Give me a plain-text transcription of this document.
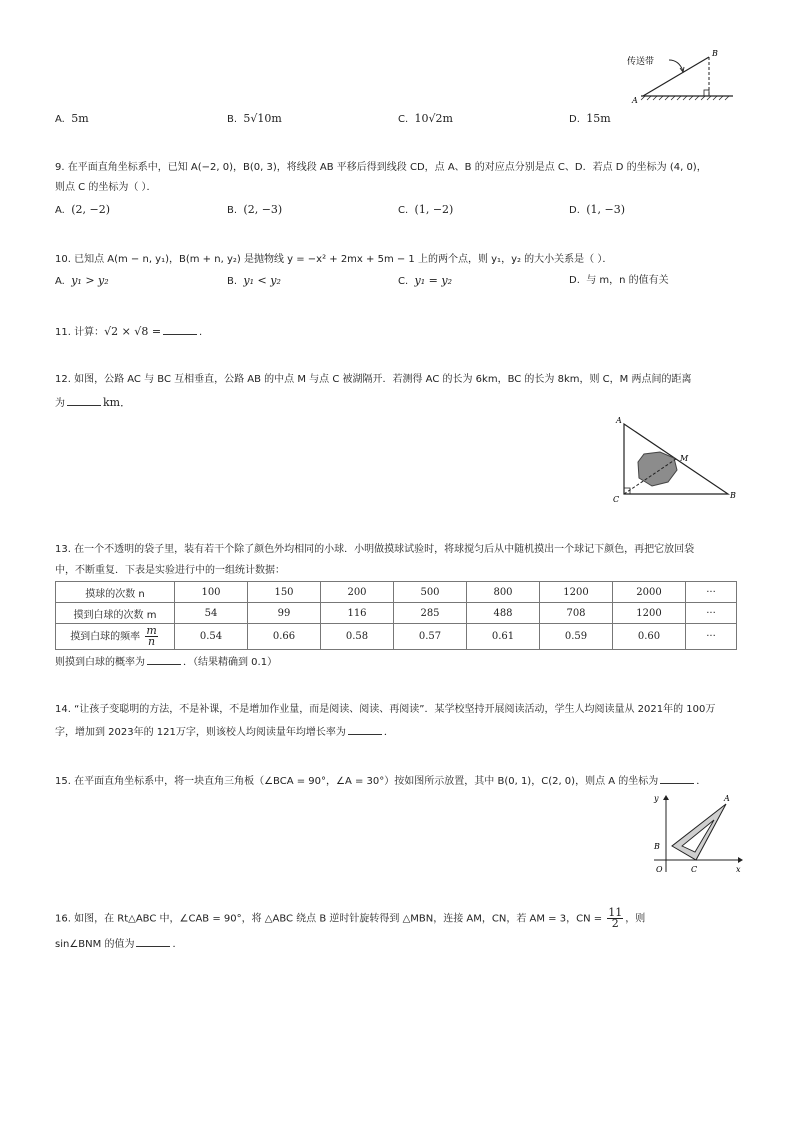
传送带
A
B
A. 5m	B. 5√10m	C. 10√2m	D. 15m
9. 在平面直角坐标系中，已知 A(−2, 0)，B(0, 3)，将线段 AB 平移后得到线段 CD，点 A、B 的对应点分别是点 C、D．若点 D 的坐标为 (4, 0)，
则点 C 的坐标为（ ）．
A. (2, −2)	B. (2, −3)	C. (1, −2)	D. (1, −3)
10. 已知点 A(m − n, y₁)，B(m + n, y₂) 是抛物线 y = −x² + 2mx + 5m − 1 上的两个点，则 y₁，y₂ 的大小关系是（ ）．
A. y₁ > y₂	B. y₁ < y₂	C. y₁ = y₂	D. 与 m，n 的值有关
11. 计算：√2 × √8 =	.
12. 如图，公路 AC 与 BC 互相垂直，公路 AB 的中点 M 与点 C 被湖隔开．若测得 AC 的长为 6km，BC 的长为 8km，则 C，M 两点间的距离
为	km．
A
B
C
M
13. 在一个不透明的袋子里，装有若干个除了颜色外均相同的小球．小明做摸球试验时，将球搅匀后从中随机摸出一个球记下颜色，再把它放回袋
中，不断重复．下表是实验进行中的一组统计数据：
摸球的次数 n	100	150	200	500	800	1200	2000	···
摸到白球的次数 m	54	99	116	285	488	708	1200	···
摸到白球的频率 $\frac{m}{n}$	0.54	0.66	0.58	0.57	0.61	0.59	0.60	···
则摸到白球的概率为	．（结果精确到 0.1）
14. “让孩子变聪明的方法，不是补课，不是增加作业量，而是阅读、阅读、再阅读”．某学校坚持开展阅读活动，学生人均阅读量从 2021年的 100万
字，增加到 2023年的 121万字，则该校人均阅读量年均增长率为	．
15. 在平面直角坐标系中，将一块直角三角板（∠BCA = 90°，∠A = 30°）按如图所示放置，其中 B(0, 1)，C(2, 0)，则点 A 的坐标为	．
y
x
O
A
B
C
16. 如图，在 Rt△ABC 中，∠CAB = 90°，将 △ABC 绕点 B 逆时针旋转得到 △MBN，连接 AM，CN，若 AM = 3，CN = $\frac{11}{2}$ ，则
sin∠BNM 的值为	．
